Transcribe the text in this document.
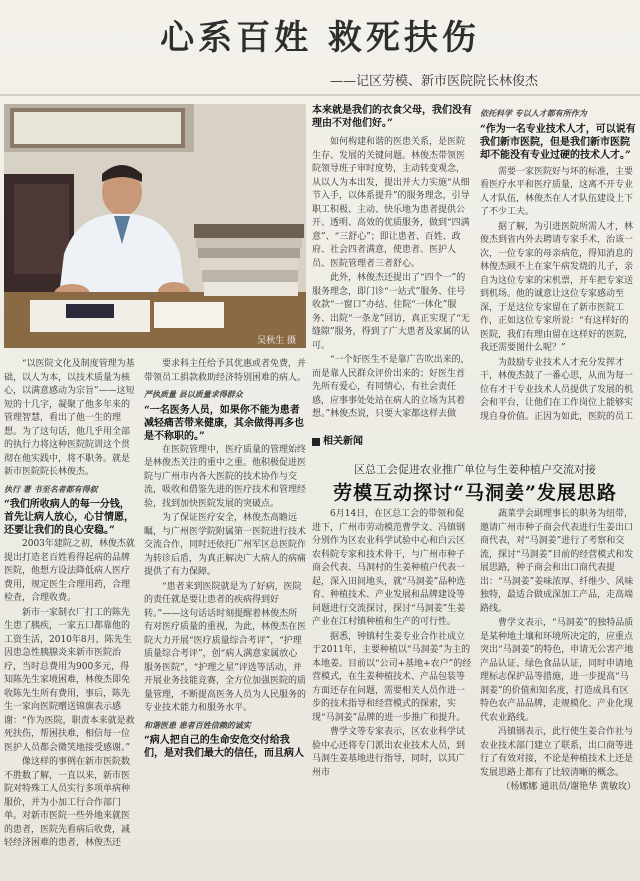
心系百姓 救死扶伤
——记区劳模、新市医院院长林俊杰
吴秋生 摄

本来就是我们的衣食父母，我们没有理由不对他们好。”

如何构建和谐的医患关系，是医院生存、发展的关键问题。林俊杰带领医院领导班子审时度势，主动转变观念，从以人为本出发，提出并大力实施“从细节入手，以体系提升”的服务理念，引导职工积极、主动、快乐地为患者提供公开、透明、高效的优质服务，做到“四满意”、“三舒心”；即让患者、百姓、政府、社会四者满意，使患者、医护人员、医院管理者三者舒心。

此外，林俊杰还提出了“四个一”的服务理念，即门诊“一站式”服务、住号收款“一窗口”办结、住院“一体化”服务、出院“一条龙”回访，真正实现了“无缝隙”服务，得到了广大患者及家属的认可。

“一个好医生不是靠广告吹出来的，而是靠人民群众评价出来的；好医生首先所有爱心，有同情心，有社会责任感，应事事处处站在病人的立场为其着想。”林俊杰说，只要大家都这样去做

依托科学 专以人才都有所作为

“作为一名专业技术人才，可以说有我们新市医院，但是我们新市医院却不能没有专业过硬的技术人才。”

需要一家医院好与坏的标准，主要看医疗水平和医疗质量，这离不开专业人才队伍，林俊杰在人才队伍建设上下了不少工夫。

据了解，为引进医院所需人才，林俊杰到省内外去聘请专家手术，治该一次，一位专家的母亲病危，得知消息的林俊杰顾不上在家午病发烧的儿子，亲自为这位专家的宋机票，开车把专家送到机场。他的诚意让这位专家感动至深，于是这位专家留在了新市医院工作，正如这位专家所说：“有这样好的医院，我们有理由留在这样好的医院，我还需要图什么呢？”

为鼓励专业技术人才充分发挥才干，林俊杰鼓了一番心思，从而为每一位有才干专业技术人员提供了发展的机会和平台，让他们在工作岗位上能够实现自身价值。正因为如此，医院的员工

“以医院文化及制度管理为基础，以人为本，以技术质量为核心，以满意感动为宗旨”——这短短的十几字，凝聚了他多年来的管理智慧，看出了他一生的理想。为了这句话，他几乎用全部的执行力将这种医院院训这个贯彻在他实践中，将不职务。就是新市医院院长林俊杰。

执行 著 书至名者都有得叙

“我们所收病人的每一分钱，首先让病人放心，心甘情愿，还要让我们的良心安稳。”

2003年建院之初，林俊杰就提出打造老百姓看得起病的品牌医院，他想方设法降低病人医疗费用，规定医生合理用药，合理检查，合理收费。

新市一家制衣厂打工的陈先生患了胰疾，一家五口都靠他的工资生活，2010年8月，陈先生因患急性胰腺炎来新市医院治疗，当时总费用为900多元，得知陈先生家境困难，林俊杰即免收陈先生所有费用，事后，陈先生一家向医院赠送锦旗表示感谢：“作为医院，职责本来就是救死扶伤，帮困扶难，相信每一位医护人员都会微笑地接受感谢。”

像这样的事例在新市医院数不胜数了解，一直以来，新市医院对特殊工人员实行多项单病种服价，并为小加工行合作部门单。对新市医院一些外地来就医的患者，医院先看病后收费，减轻经济困难的患者，林俊杰还

要求科主任给予其优惠或者免费，并带领员工捐款救助经济特别困难的病人。

严执质量 县以质量求得群众

“一名医务人员，如果你不能为患者减轻痛苦带来健康，其余做得再多也是不称职的。”

在医院管理中，医疗质量的管理始终是林俊杰关注的重中之重。他积极促进医院与广州市内各大医院的技术协作与交流，吸收和借鉴先进的医疗技术和管理经验，找到加快医院发展的突破点。

为了保证医疗安全，林俊杰高瞻远瞩，与广州医学院附属第一医院进行技术交流合作，同时还依托广州军区总医院作为转诊后盾，为真正解决广大病人的病痛提供了有力保障。

“患者来到医院就是为了好病，医院的责任就是要让患者的疾病得到好转。”——这句话话时刻提醒着林俊杰所有对医疗质量的重视，为此，林俊杰在医院大力开展“医疗质量综合考评”，“护理质量综合考评”，创“病人满意家属放心服务医院”，“护理之星”评选等活动，并开展业务技能竞赛，全方位加强医院的质量管理，不断提高医务人员为人民服务的专业技术能力和服务水平。

和谐医患 患者百姓信赖的诚实

“病人把自己的生命安危交付给我们，是对我们最大的信任，而且病人

相关新闻
区总工会促进农业推广单位与生姜种植户交流对接
劳模互动探讨“马洞姜”发展思路

6月14日，在区总工会的带领和促进下，广州市劳动模范曹学文、冯镇钢分别作为区农业科学试验中心和白云区农科院专家和技术骨干，与广州市种子商会代表、马洞村的生姜种植户代表一起，深入田间地头，就“马洞姜”品种选育、种植技术、产业发展和品牌建设等问题进行交流探讨，探讨“马洞姜”生姜产业在江村镇种植和生产的可行性。

据悉，钟镇村生姜专业合作社成立于2011年，主要种植以“马洞姜”为主的本地姜。目前以“公司+基地+农户”的经营模式，在生姜种植技术、产品包装等方面还存在问题，需要相关人员作进一步的技术指导和经营模式的探索，实现“马洞姜”品牌的进一步推广和提升。

曹学文等专家表示，区农业科学试验中心还将专门派出农业技术人员，到马洞生姜基地进行指导，同时，以其广州市

蔬菜学会副理事长的职务为纽带，邀请广州市种子商会代表进行生姜出口商代表，对“马洞姜”进行了考察和交流，探讨“马洞姜”目前的经营模式和发展思路，种子商会和出口商代表提出：“马洞姜”姜味浓厚、纤维少、风味独特，最适合做成深加工产品，走高端路线。

曹学文表示，“马洞姜”的独特品质是某种地土壤和环境所决定的，应重点突出“马洞姜”的特色，申请无公害产地产品认证、绿色食品认证，同时申请地理标志保护品等措施，进一步提高“马洞姜”的价值和知名度，打造成具有区特色农产品品牌，走规模化、产业化现代农业路线。

冯镇钢表示，此行使生姜合作社与农业技术部门建立了联系，出口商等进行了有效对接，不论是种植技术上还是发展思路上都有了比较清晰的概念。

（杨娜娜 通讯员/谢艳华 黄敏玫）
